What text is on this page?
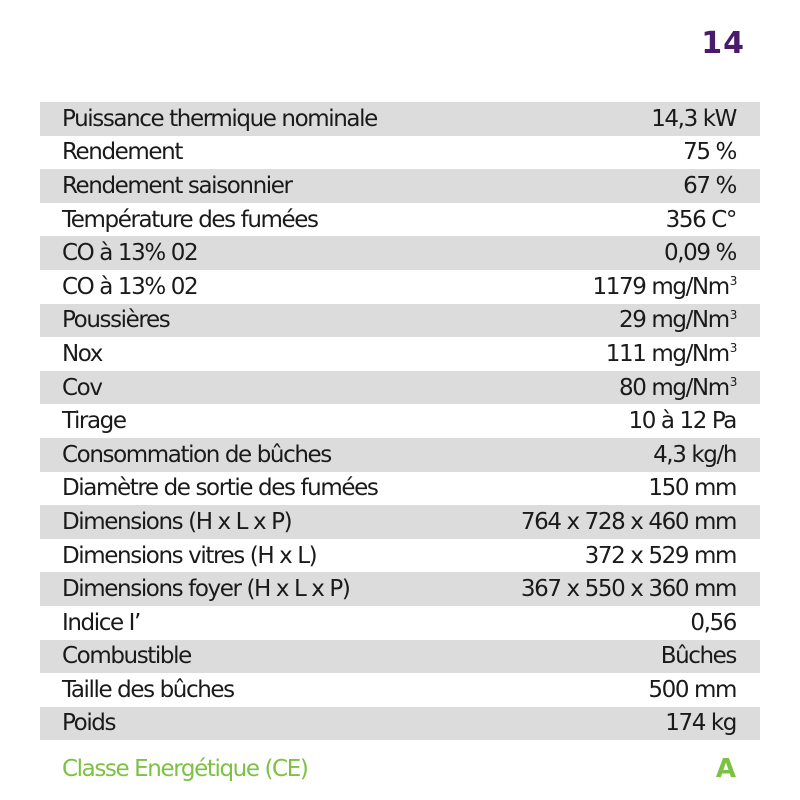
14
Puissance thermique nominale	14,3 kW
Rendement	75 %
Rendement saisonnier	67 %
Température des fumées	356 C°
CO à 13% 02	0,09 %
CO à 13% 02	1179 mg/Nm$^3$
Poussières	29 mg/Nm$^3$
Nox	111 mg/Nm$^3$
Cov	80 mg/Nm$^3$
Tirage	10 à 12 Pa
Consommation de bûches	4,3 kg/h
Diamètre de sortie des fumées	150 mm
Dimensions (H x L x P)	764 x 728 x 460 mm
Dimensions vitres (H x L)	372 x 529 mm
Dimensions foyer (H x L x P)	367 x 550 x 360 mm
Indice I’	0,56
Combustible	Bûches
Taille des bûches	500 mm
Poids	174 kg
Classe Energétique (CE)	A
